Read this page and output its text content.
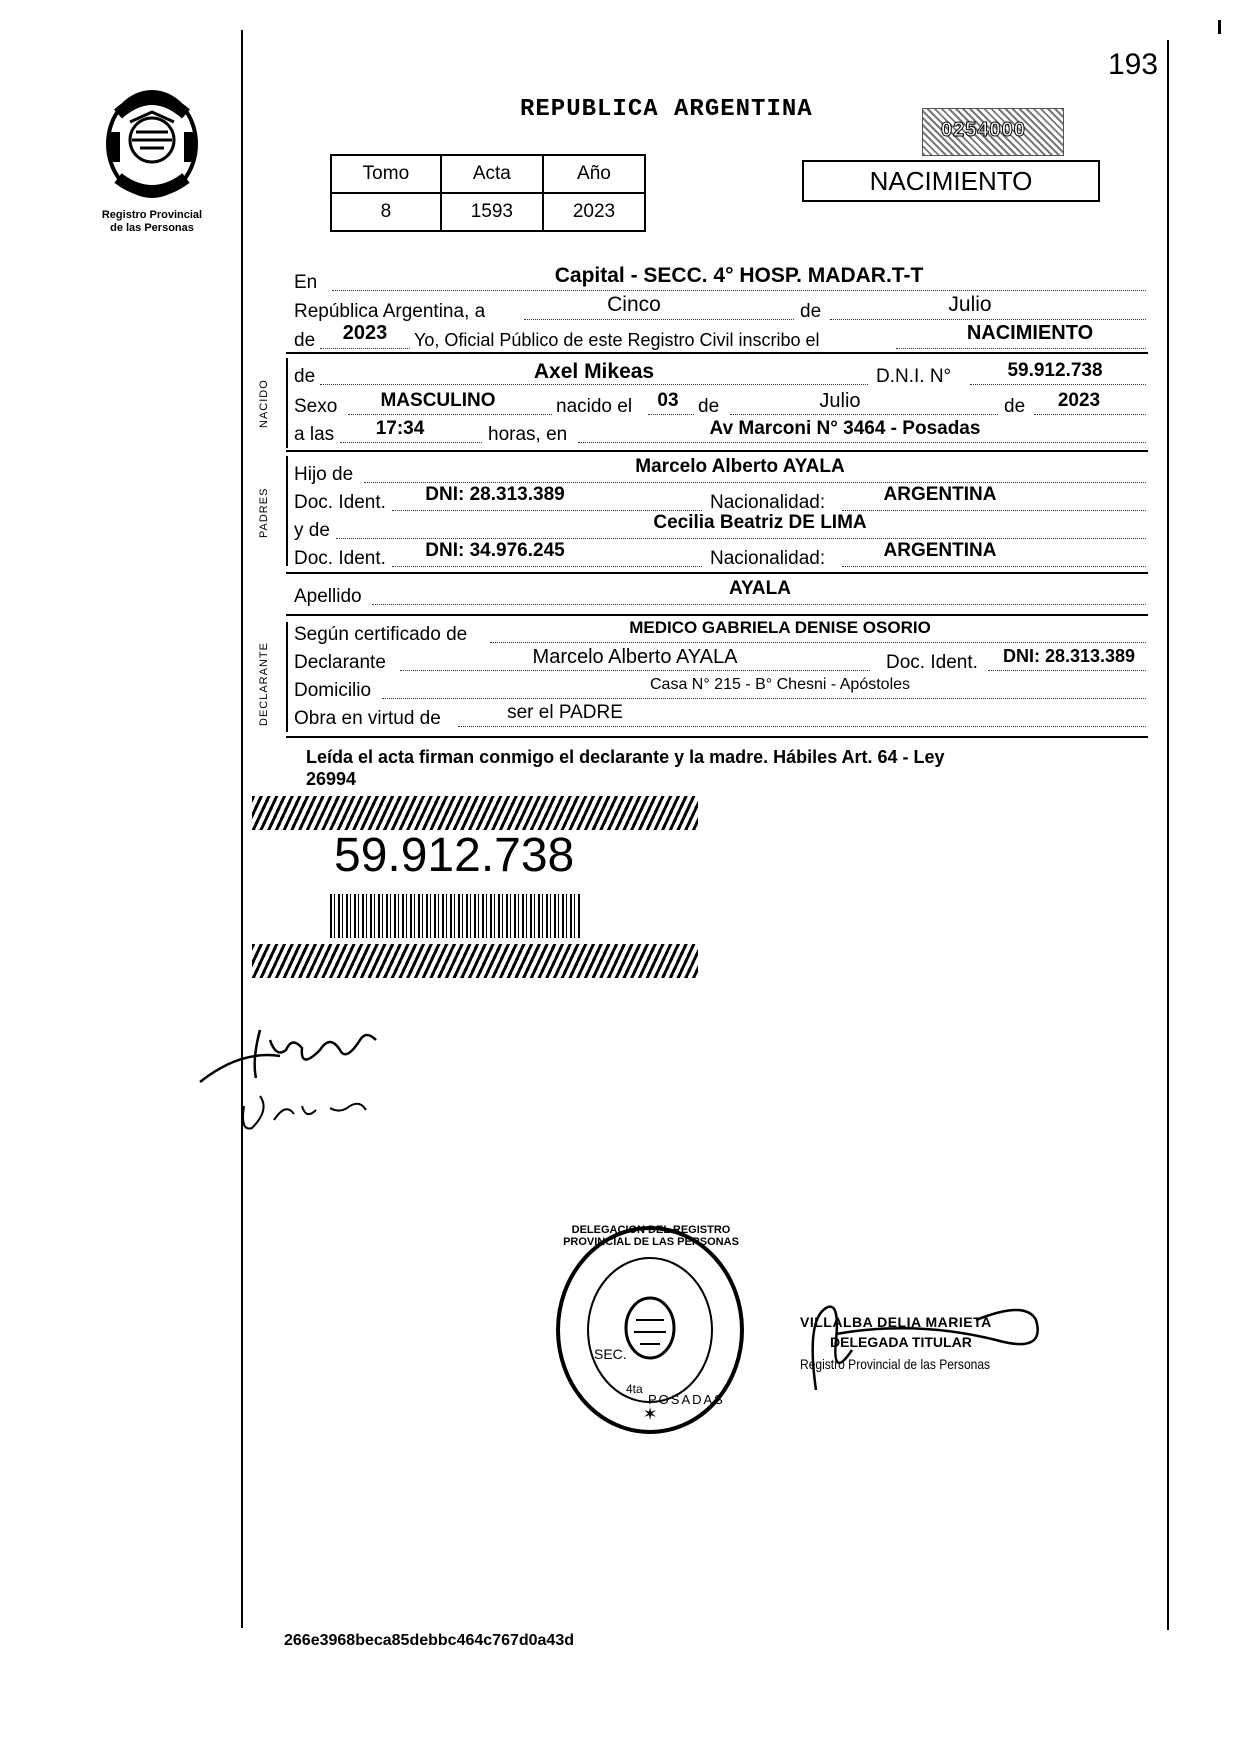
193
Registro Provincial
de las Personas
REPUBLICA ARGENTINA
0254000
Tomo	Acta	Año
8	1593	2023
NACIMIENTO
En	Capital - SECC. 4° HOSP. MADAR.T-T
República Argentina, a	Cinco	de	Julio
de	2023	Yo, Oficial Público de este Registro Civil inscribo el	NACIMIENTO
NACIDO
de	Axel Mikeas	D.N.I. N°	59.912.738
Sexo	MASCULINO	nacido el	03	de	Julio	de	2023
a las	17:34	horas, en	Av Marconi N° 3464 - Posadas
PADRES
Hijo de	Marcelo Alberto AYALA
Doc. Ident.	DNI: 28.313.389	Nacionalidad:	ARGENTINA
y de	Cecilia Beatriz DE LIMA
Doc. Ident.	DNI: 34.976.245	Nacionalidad:	ARGENTINA
Apellido	AYALA
DECLARANTE
Según certificado de	MEDICO GABRIELA DENISE OSORIO
Declarante	Marcelo Alberto AYALA	Doc. Ident.	DNI: 28.313.389
Domicilio	Casa N° 215 - B° Chesni - Apóstoles
Obra en virtud de	ser el PADRE
Leída el acta firman conmigo el declarante y la madre. Hábiles Art. 64 - Ley
26994
59.912.738
✶
DELEGACION DEL REGISTRO PROVINCIAL DE LAS PERSONAS
SEC.
4ta
POSADAS
VILLALBA DELIA MARIETA
DELEGADA TITULAR
Registro Provincial de las Personas
266e3968beca85debbc464c767d0a43d
